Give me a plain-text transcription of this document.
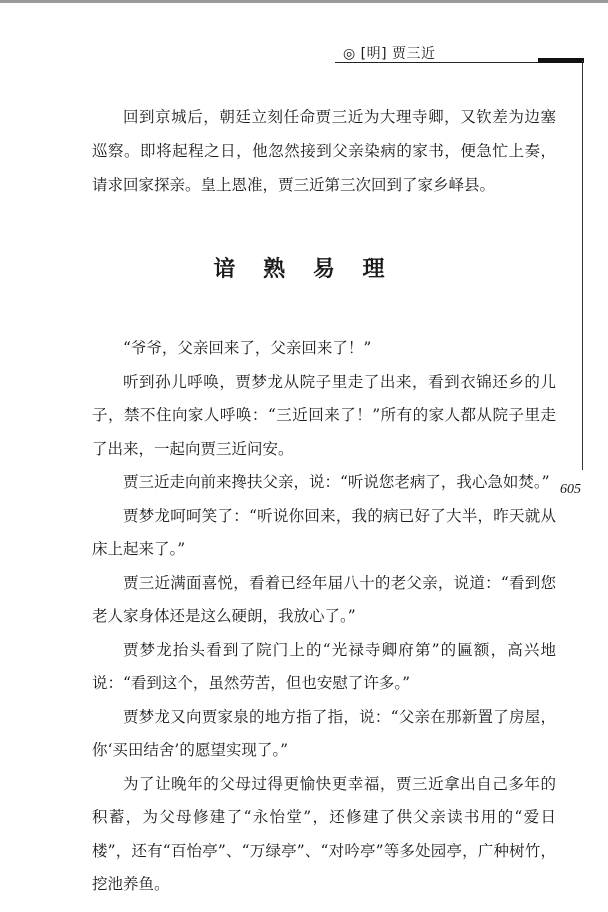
◎ [明] 贾三近
605

回到京城后，朝廷立刻任命贾三近为大理寺卿，又钦差为边塞巡察。即将起程之日，他忽然接到父亲染病的家书，便急忙上奏，请求回家探亲。皇上恩准，贾三近第三次回到了家乡峄县。

谙 熟 易 理

“爷爷，父亲回来了，父亲回来了！”

听到孙儿呼唤，贾梦龙从院子里走了出来，看到衣锦还乡的儿子，禁不住向家人呼唤：“三近回来了！”所有的家人都从院子里走了出来，一起向贾三近问安。

贾三近走向前来搀扶父亲，说：“听说您老病了，我心急如焚。”

贾梦龙呵呵笑了：“听说你回来，我的病已好了大半，昨天就从床上起来了。”

贾三近满面喜悦，看着已经年届八十的老父亲，说道：“看到您老人家身体还是这么硬朗，我放心了。”

贾梦龙抬头看到了院门上的“光禄寺卿府第”的匾额，高兴地说：“看到这个，虽然劳苦，但也安慰了许多。”

贾梦龙又向贾家泉的地方指了指，说：“父亲在那新置了房屋，你‘买田结舍’的愿望实现了。”

为了让晚年的父母过得更愉快更幸福，贾三近拿出自己多年的积蓄，为父母修建了“永怡堂”，还修建了供父亲读书用的“爱日楼”，还有“百怡亭”、“万绿亭”、“对吟亭”等多处园亭，广种树竹，挖池养鱼。
